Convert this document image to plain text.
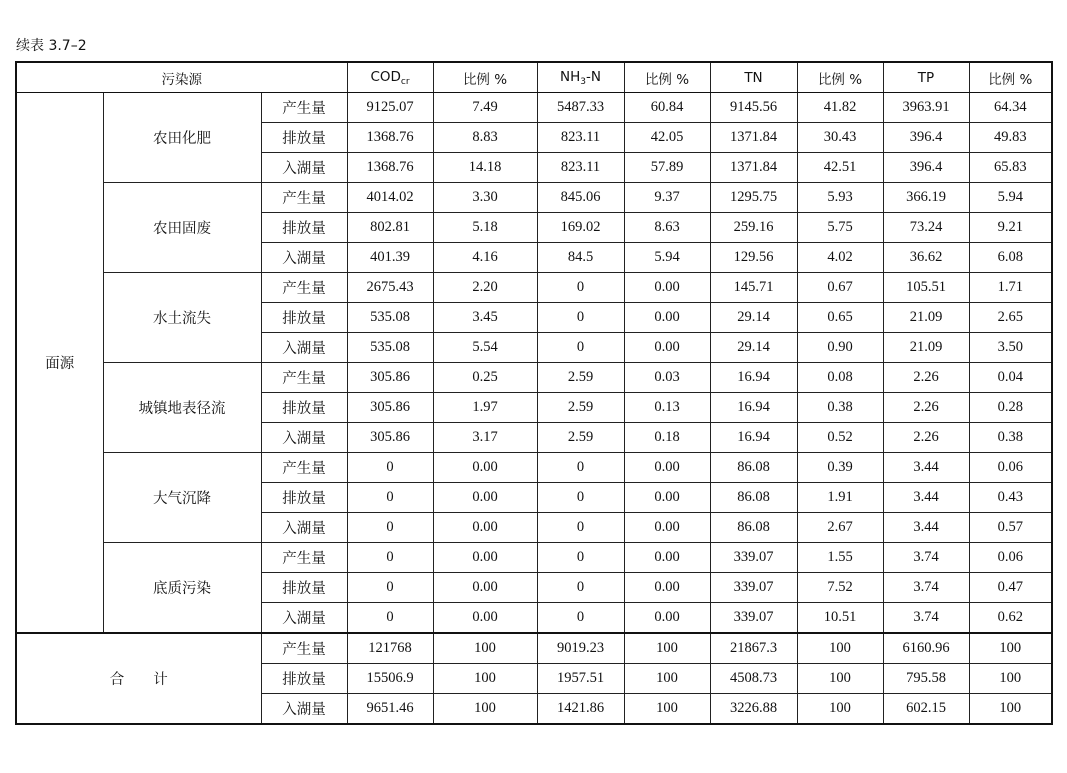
续表 3.7–2
污染源			$COD_{cr}$	比例 %	$NH_3-N$	比例 %	TN	比例 %	TP	比例 %
面源	农田化肥	产生量	9125.07	7.49	5487.33	60.84	9145.56	41.82	3963.91	64.34
		排放量	1368.76	8.83	823.11	42.05	1371.84	30.43	396.4	49.83
		入湖量	1368.76	14.18	823.11	57.89	1371.84	42.51	396.4	65.83
	农田固废	产生量	4014.02	3.30	845.06	9.37	1295.75	5.93	366.19	5.94
		排放量	802.81	5.18	169.02	8.63	259.16	5.75	73.24	9.21
		入湖量	401.39	4.16	84.5	5.94	129.56	4.02	36.62	6.08
	水土流失	产生量	2675.43	2.20	0	0.00	145.71	0.67	105.51	1.71
		排放量	535.08	3.45	0	0.00	29.14	0.65	21.09	2.65
		入湖量	535.08	5.54	0	0.00	29.14	0.90	21.09	3.50
	城镇地表径流	产生量	305.86	0.25	2.59	0.03	16.94	0.08	2.26	0.04
		排放量	305.86	1.97	2.59	0.13	16.94	0.38	2.26	0.28
		入湖量	305.86	3.17	2.59	0.18	16.94	0.52	2.26	0.38
	大气沉降	产生量	0	0.00	0	0.00	86.08	0.39	3.44	0.06
		排放量	0	0.00	0	0.00	86.08	1.91	3.44	0.43
		入湖量	0	0.00	0	0.00	86.08	2.67	3.44	0.57
	底质污染	产生量	0	0.00	0	0.00	339.07	1.55	3.74	0.06
		排放量	0	0.00	0	0.00	339.07	7.52	3.74	0.47
		入湖量	0	0.00	0	0.00	339.07	10.51	3.74	0.62
合　　计		产生量	121768	100	9019.23	100	21867.3	100	6160.96	100
		排放量	15506.9	100	1957.51	100	4508.73	100	795.58	100
		入湖量	9651.46	100	1421.86	100	3226.88	100	602.15	100
